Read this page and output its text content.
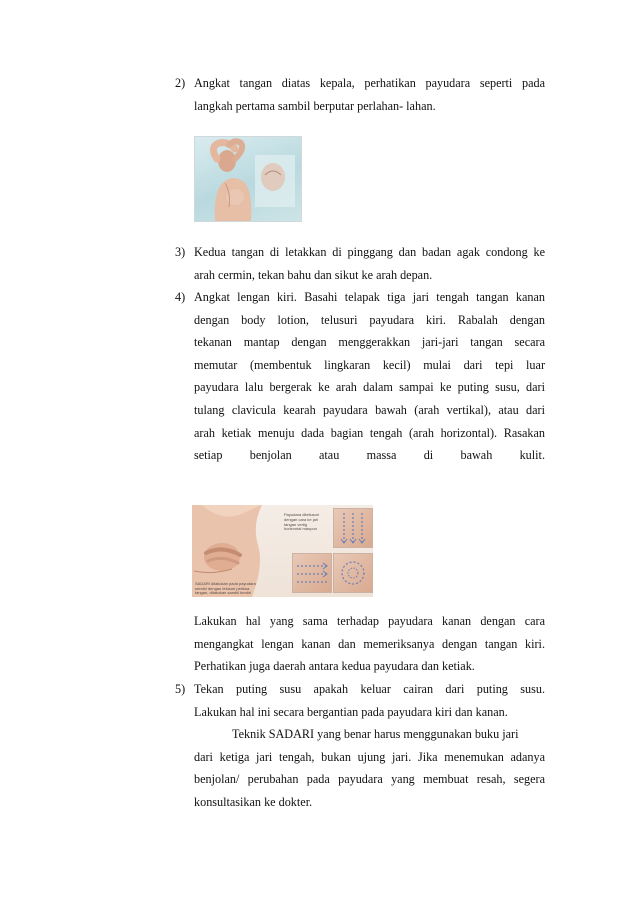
2) Angkat tangan diatas kepala, perhatikan payudara seperti pada
langkah pertama sambil berputar perlahan- lahan.
3) Kedua tangan di letakkan di pinggang dan badan agak condong ke
arah cermin, tekan bahu dan sikut ke arah depan.
4) Angkat lengan kiri. Basahi telapak tiga jari tengah tangan kanan
dengan body lotion, telusuri payudara kiri. Rabalah dengan
tekanan mantap dengan menggerakkan jari-jari tangan secara
memutar (membentuk lingkaran kecil) mulai dari tepi luar
payudara lalu bergerak ke arah dalam sampai ke puting susu, dari
tulang clavicula kearah payudara bawah (arah vertikal), atau dari
arah ketiak menuju dada bagian tengah (arah horizontal). Rasakan
setiap benjolan atau massa di bawah kulit.
Payudara diteliusuri
dengan cara ke jari
tangan vertig
horizontal maupun
SADARI dilakukan pada payudara
sendiri dengan telusuri periksa
tangan, dilakukan sambil berdiri
Lakukan hal yang sama terhadap payudara kanan dengan cara
mengangkat lengan kanan dan memeriksanya dengan tangan kiri.
Perhatikan juga daerah antara kedua payudara dan ketiak.
5) Tekan puting susu apakah keluar cairan dari puting susu.
Lakukan hal ini secara bergantian pada payudara kiri dan kanan.
Teknik SADARI yang benar harus menggunakan buku jari
dari ketiga jari tengah, bukan ujung jari. Jika menemukan adanya
benjolan/ perubahan pada payudara yang membuat resah, segera
konsultasikan ke dokter.
